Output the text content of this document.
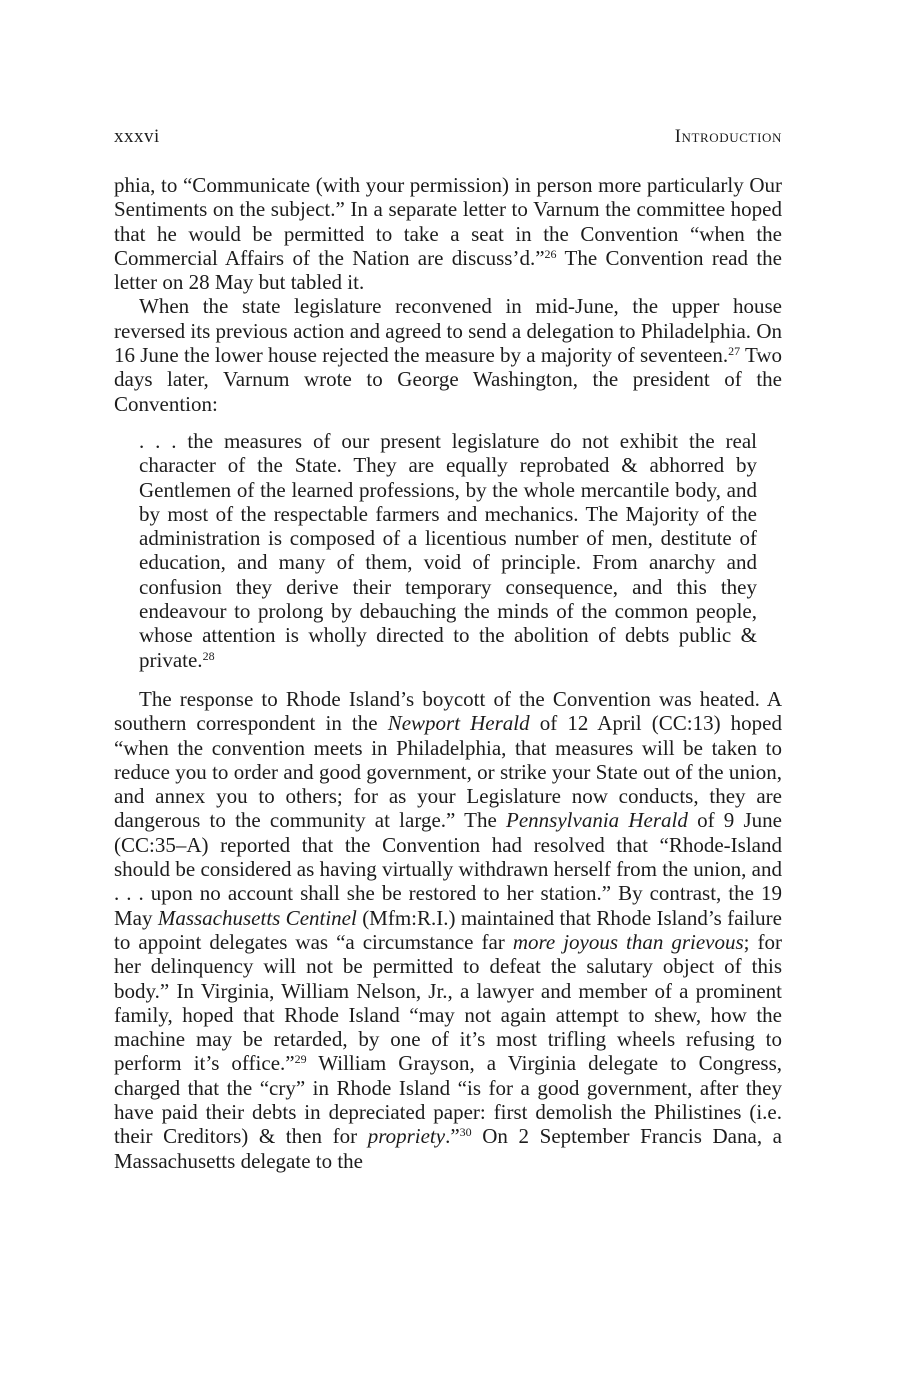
xxxvi	Introduction

phia, to “Communicate (with your permission) in person more particularly Our Sentiments on the subject.” In a separate letter to Varnum the committee hoped that he would be permitted to take a seat in the Convention “when the Commercial Affairs of the Nation are discuss’d.”$^{26}$ The Convention read the letter on 28 May but tabled it.

When the state legislature reconvened in mid-June, the upper house reversed its previous action and agreed to send a delegation to Philadelphia. On 16 June the lower house rejected the measure by a majority of seventeen.$^{27}$ Two days later, Varnum wrote to George Washington, the president of the Convention:

. . . the measures of our present legislature do not exhibit the real character of the State. They are equally reprobated & abhorred by Gentlemen of the learned professions, by the whole mercantile body, and by most of the respectable farmers and mechanics. The Majority of the administration is composed of a licentious number of men, destitute of education, and many of them, void of principle. From anarchy and confusion they derive their temporary consequence, and this they endeavour to prolong by debauching the minds of the common people, whose attention is wholly directed to the abolition of debts public & private.$^{28}$

The response to Rhode Island’s boycott of the Convention was heated. A southern correspondent in the Newport Herald of 12 April (CC:13) hoped “when the convention meets in Philadelphia, that measures will be taken to reduce you to order and good government, or strike your State out of the union, and annex you to others; for as your Legislature now conducts, they are dangerous to the community at large.” The Pennsylvania Herald of 9 June (CC:35–A) reported that the Convention had resolved that “Rhode-Island should be considered as having virtually withdrawn herself from the union, and . . . upon no account shall she be restored to her station.” By contrast, the 19 May Massachusetts Centinel (Mfm:R.I.) maintained that Rhode Island’s failure to appoint delegates was “a circumstance far more joyous than grievous; for her delinquency will not be permitted to defeat the salutary object of this body.” In Virginia, William Nelson, Jr., a lawyer and member of a prominent family, hoped that Rhode Island “may not again attempt to shew, how the machine may be retarded, by one of it’s most trifling wheels refusing to perform it’s office.”$^{29}$ William Grayson, a Virginia delegate to Congress, charged that the “cry” in Rhode Island “is for a good government, after they have paid their debts in depreciated paper: first demolish the Philistines (i.e. their Creditors) & then for propriety.”$^{30}$ On 2 September Francis Dana, a Massachusetts delegate to the
